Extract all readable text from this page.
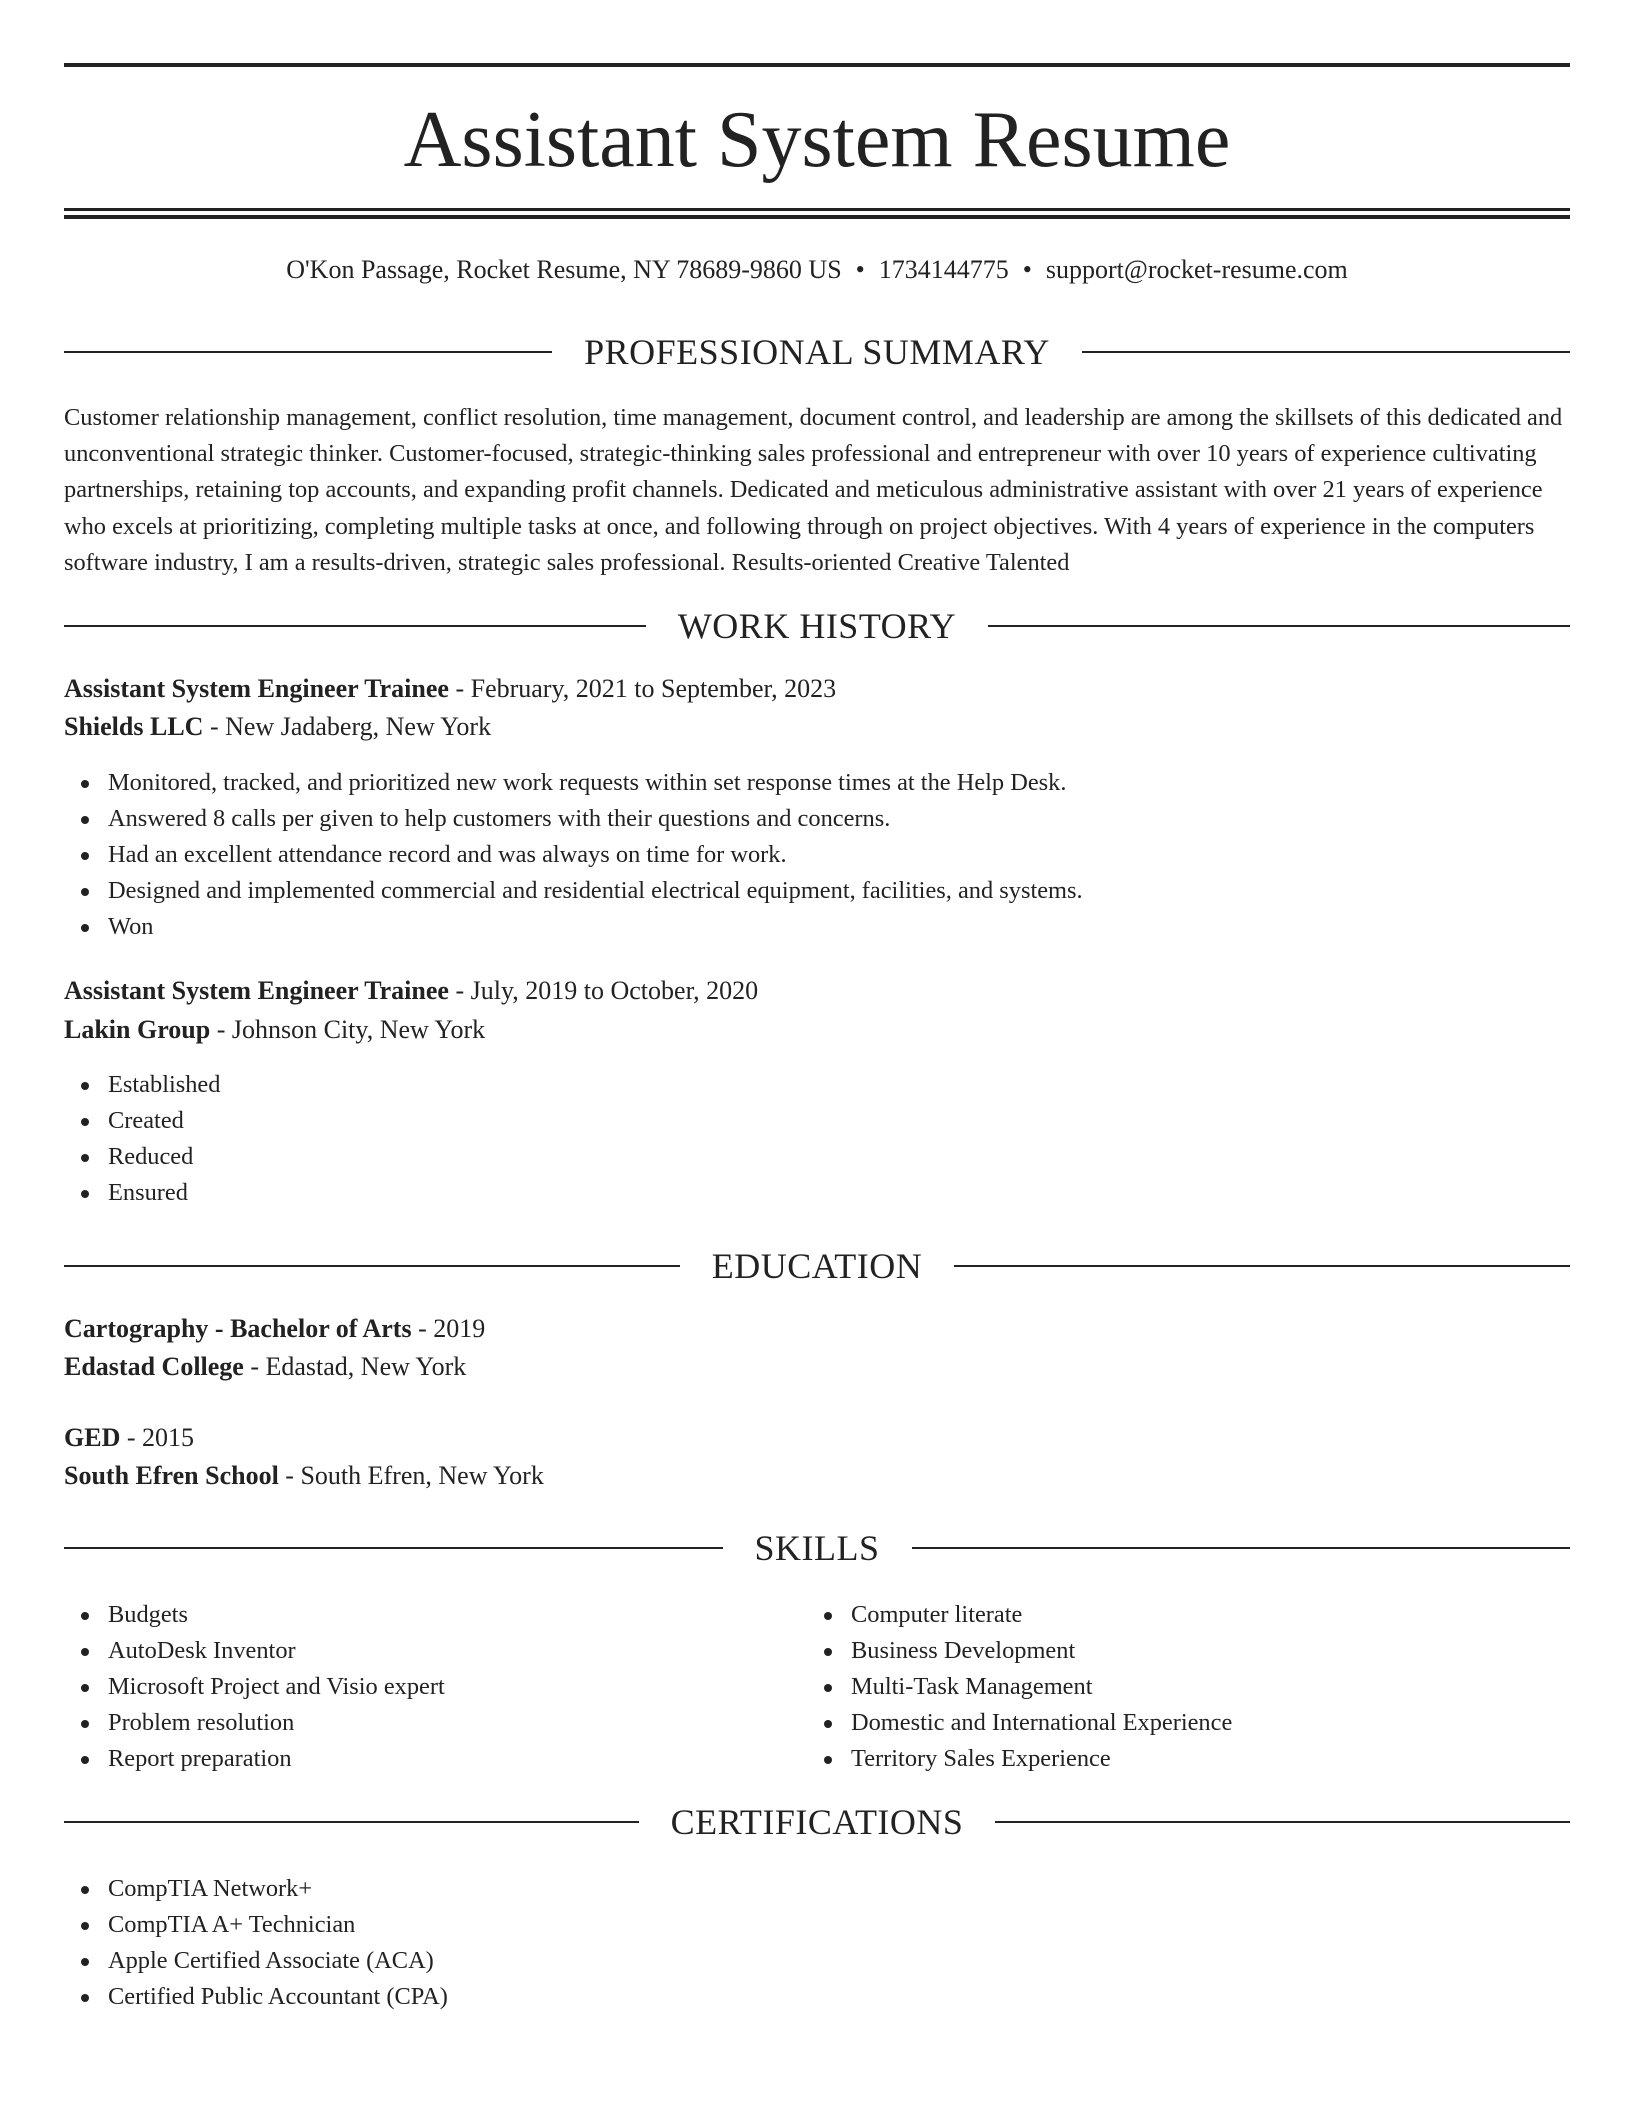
Assistant System Resume
O'Kon Passage, Rocket Resume, NY 78689-9860 US • 1734144775 • support@rocket-resume.com
PROFESSIONAL SUMMARY

Customer relationship management, conflict resolution, time management, document control, and leadership are among the skillsets of this dedicated and unconventional strategic thinker. Customer-focused, strategic-thinking sales professional and entrepreneur with over 10 years of experience cultivating partnerships, retaining top accounts, and expanding profit channels. Dedicated and meticulous administrative assistant with over 21 years of experience who excels at prioritizing, completing multiple tasks at once, and following through on project objectives. With 4 years of experience in the computers software industry, I am a results-driven, strategic sales professional. Results-oriented Creative Talented

WORK HISTORY
Assistant System Engineer Trainee - February, 2021 to September, 2023
Shields LLC - New Jadaberg, New York
Monitored, tracked, and prioritized new work requests within set response times at the Help Desk.
Answered 8 calls per given to help customers with their questions and concerns.
Had an excellent attendance record and was always on time for work.
Designed and implemented commercial and residential electrical equipment, facilities, and systems.
Won
Assistant System Engineer Trainee - July, 2019 to October, 2020
Lakin Group - Johnson City, New York
Established
Created
Reduced
Ensured
EDUCATION
Cartography - Bachelor of Arts - 2019
Edastad College - Edastad, New York
GED - 2015
South Efren School - South Efren, New York
SKILLS
Budgets
AutoDesk Inventor
Microsoft Project and Visio expert
Problem resolution
Report preparation
Computer literate
Business Development
Multi-Task Management
Domestic and International Experience
Territory Sales Experience
CERTIFICATIONS
CompTIA Network+
CompTIA A+ Technician
Apple Certified Associate (ACA)
Certified Public Accountant (CPA)
